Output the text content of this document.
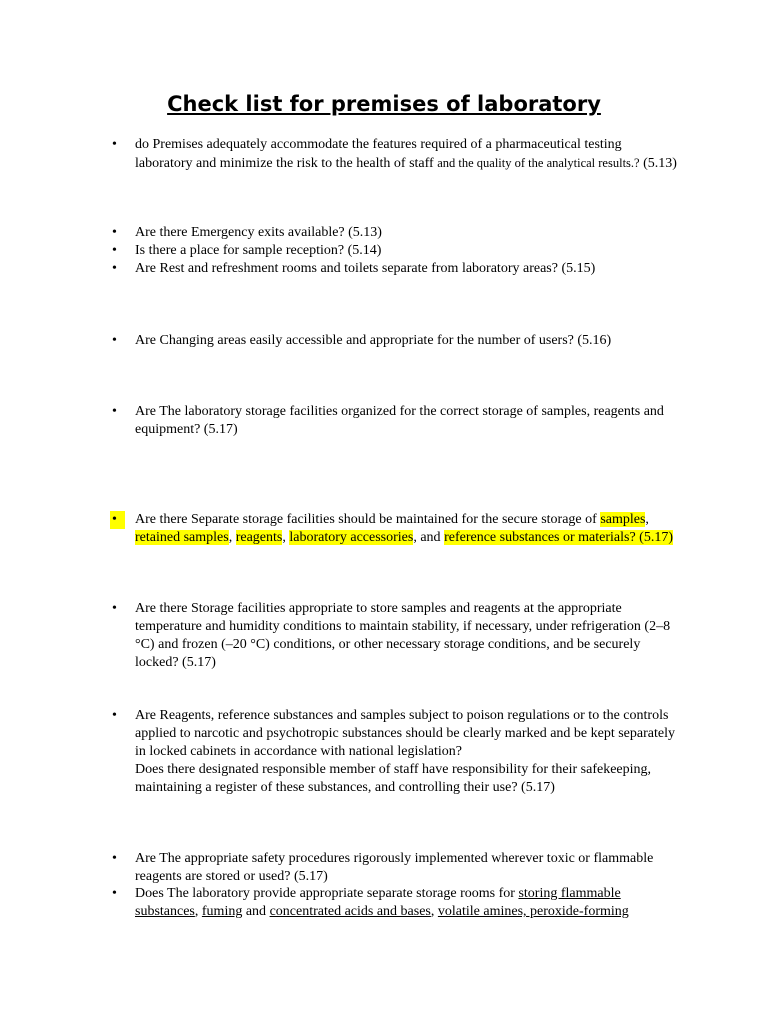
Check list for premises of laboratory
• do Premises adequately accommodate the features required of a pharmaceutical testing laboratory and minimize the risk to the health of staff and the quality of the analytical results.? (5.13)
• Are there Emergency exits available? (5.13)
• Is there a place for sample reception? (5.14)
• Are Rest and refreshment rooms and toilets separate from laboratory areas? (5.15)
• Are Changing areas easily accessible and appropriate for the number of users? (5.16)
• Are The laboratory storage facilities organized for the correct storage of samples, reagents and equipment? (5.17)
• Are there Separate storage facilities should be maintained for the secure storage of samples, retained samples, reagents, laboratory accessories, and reference substances or materials? (5.17)
• Are there Storage facilities appropriate to store samples and reagents at the appropriate temperature and humidity conditions to maintain stability, if necessary, under refrigeration (2–8 °C) and frozen (–20 °C) conditions, or other necessary storage conditions, and be securely locked? (5.17)
• Are Reagents, reference substances and samples subject to poison regulations or to the controls applied to narcotic and psychotropic substances should be clearly marked and be kept separately in locked cabinets in accordance with national legislation?
Does there designated responsible member of staff have responsibility for their safekeeping, maintaining a register of these substances, and controlling their use? (5.17)
• Are The appropriate safety procedures rigorously implemented wherever toxic or flammable reagents are stored or used? (5.17)
• Does The laboratory provide appropriate separate storage rooms for storing flammable substances, fuming and concentrated acids and bases, volatile amines, peroxide-forming
